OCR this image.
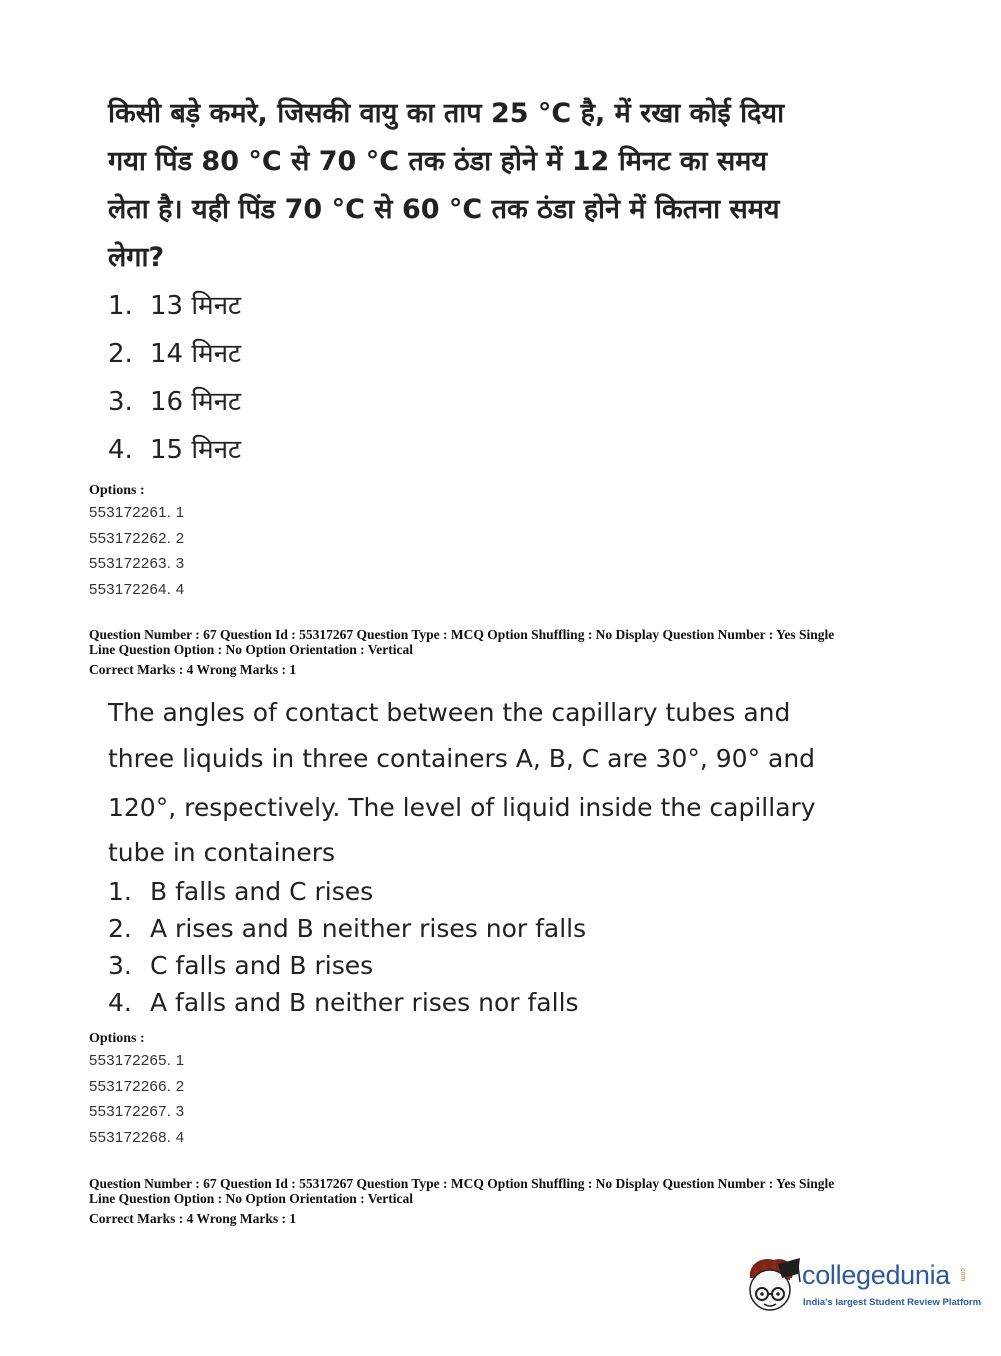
किसी बड़े कमरे, जिसकी वायु का ताप 25 °C है, में रखा कोई दिया
गया पिंड 80 °C से 70 °C तक ठंडा होने में 12 मिनट का समय
लेता है। यही पिंड 70 °C से 60 °C तक ठंडा होने में कितना समय
लेगा?
1. 13 मिनट
2. 14 मिनट
3. 16 मिनट
4. 15 मिनट
Options :
553172261. 1
553172262. 2
553172263. 3
553172264. 4
Question Number : 67 Question Id : 55317267 Question Type : MCQ Option Shuffling : No Display Question Number : Yes Single
Line Question Option : No Option Orientation : Vertical
Correct Marks : 4 Wrong Marks : 1
The angles of contact between the capillary tubes and
three liquids in three containers A, B, C are 30°, 90° and
120°, respectively. The level of liquid inside the capillary
tube in containers
1. B falls and C rises
2. A rises and B neither rises nor falls
3. C falls and B rises
4. A falls and B neither rises nor falls
Options :
553172265. 1
553172266. 2
553172267. 3
553172268. 4
Question Number : 67 Question Id : 55317267 Question Type : MCQ Option Shuffling : No Display Question Number : Yes Single
Line Question Option : No Option Orientation : Vertical
Correct Marks : 4 Wrong Marks : 1
collegedunia .com
India's largest Student Review Platform
